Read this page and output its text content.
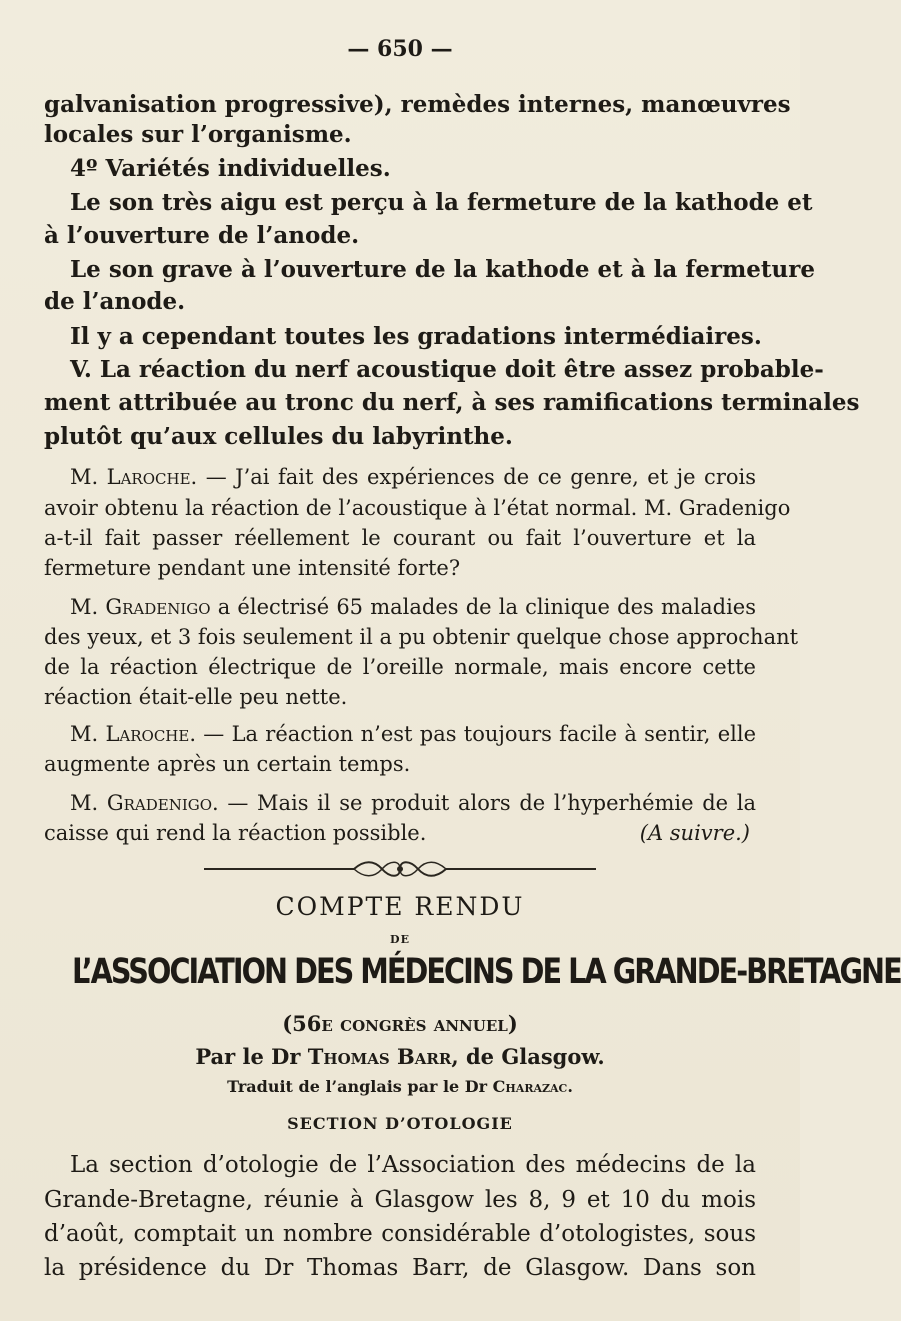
— 650 —
galvanisation progressive), remèdes internes, manœuvres
locales sur l’organisme.
4º Variétés individuelles.
Le son très aigu est perçu à la fermeture de la kathode et
à l’ouverture de l’anode.
Le son grave à l’ouverture de la kathode et à la fermeture
de l’anode.
Il y a cependant toutes les gradations intermédiaires.
V. La réaction du nerf acoustique doit être assez probable-
ment attribuée au tronc du nerf, à ses ramifications terminales
plutôt qu’aux cellules du labyrinthe.
M. Laroche. — J’ai fait des expériences de ce genre, et je crois
avoir obtenu la réaction de l’acoustique à l’état normal. M. Gradenigo
a-t-il fait passer réellement le courant ou fait l’ouverture et la
fermeture pendant une intensité forte?
M. Gradenigo a électrisé 65 malades de la clinique des maladies
des yeux, et 3 fois seulement il a pu obtenir quelque chose approchant
de la réaction électrique de l’oreille normale, mais encore cette
réaction était-elle peu nette.
M. Laroche. — La réaction n’est pas toujours facile à sentir, elle
augmente après un certain temps.
M. Gradenigo. — Mais il se produit alors de l’hyperhémie de la
caisse qui rend la réaction possible.	(A suivre.)
COMPTE RENDU
DE
L’ASSOCIATION DES MÉDECINS DE LA GRANDE-BRETAGNE
(56e congrès annuel)
Par le Dr Thomas Barr, de Glasgow.
Traduit de l’anglais par le Dr Charazac.
SECTION D’OTOLOGIE
La section d’otologie de l’Association des médecins de la
Grande-Bretagne, réunie à Glasgow les 8, 9 et 10 du mois
d’août, comptait un nombre considérable d’otologistes, sous
la présidence du Dr Thomas Barr, de Glasgow. Dans son
